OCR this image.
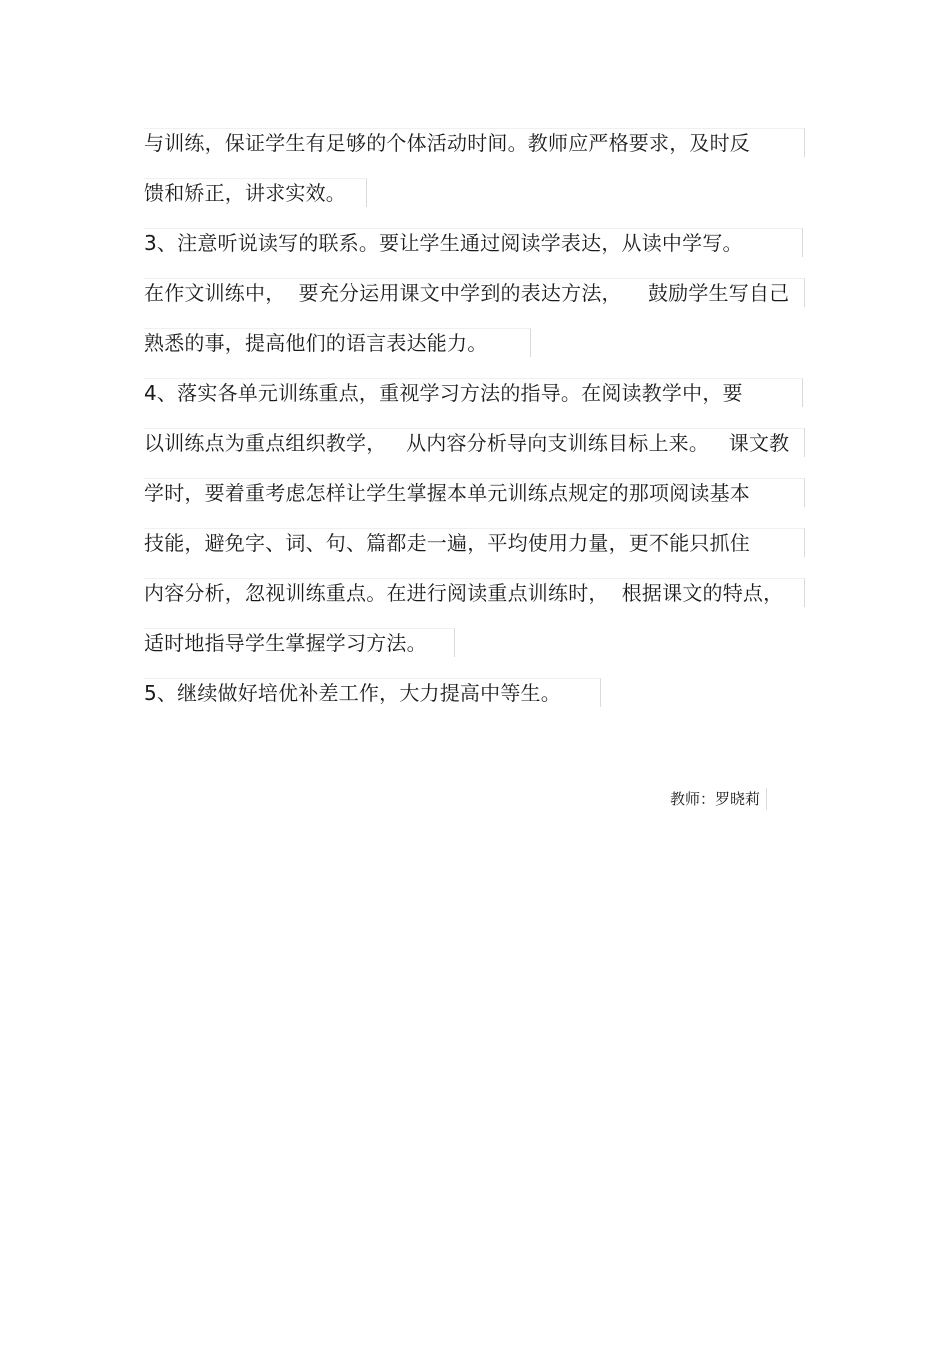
与训练，保证学生有足够的个体活动时间。教师应严格要求，及时反
馈和矫正，讲求实效。
3、注意听说读写的联系。要让学生通过阅读学表达，从读中学写。
在作文训练中，  要充分运用课文中学到的表达方法，    鼓励学生写自己
熟悉的事，提高他们的语言表达能力。
4、落实各单元训练重点，重视学习方法的指导。在阅读教学中，要
以训练点为重点组织教学，   从内容分析导向支训练目标上来。   课文教
学时，要着重考虑怎样让学生掌握本单元训练点规定的那项阅读基本
技能，避免字、词、句、篇都走一遍，平均使用力量，更不能只抓住
内容分析，忽视训练重点。在进行阅读重点训练时，  根据课文的特点，
适时地指导学生掌握学习方法。
5、继续做好培优补差工作，大力提高中等生。
教师：罗晓莉
